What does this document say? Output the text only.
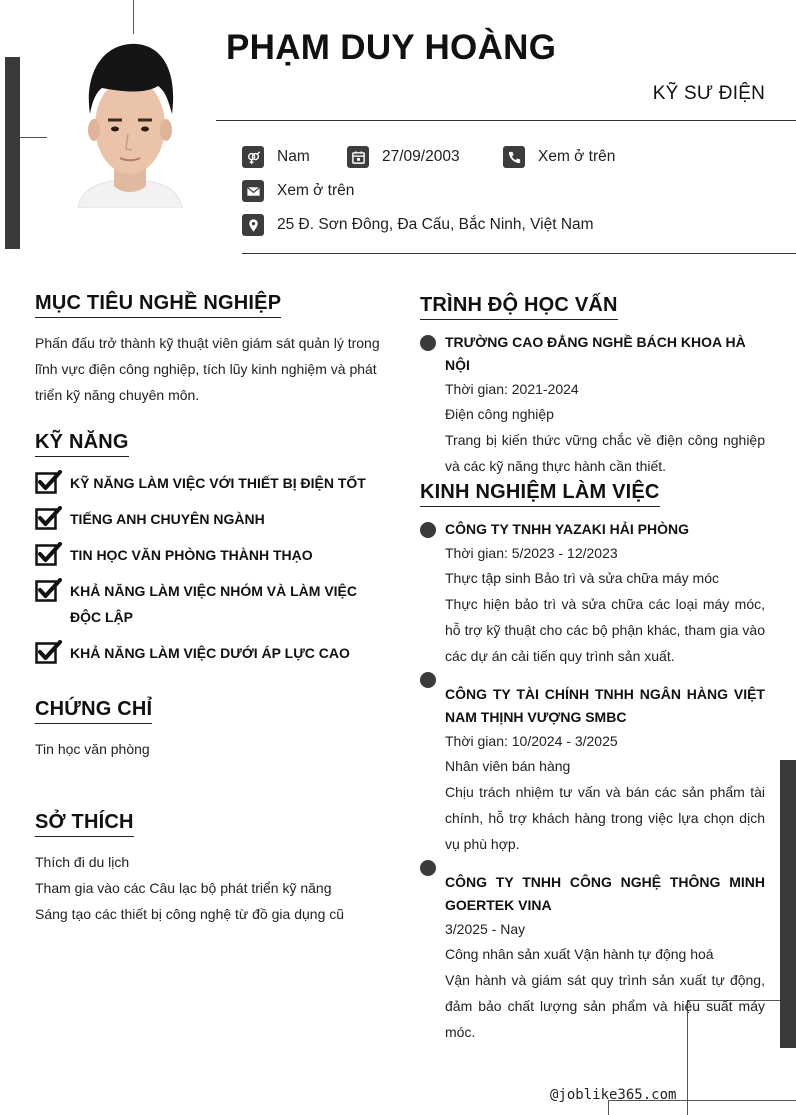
PHẠM DUY HOÀNG
KỸ SƯ ĐIỆN
Nam	27/09/2003	Xem ở trên
Xem ở trên
25 Đ. Sơn Đông, Đa Cấu, Bắc Ninh, Việt Nam
MỤC TIÊU NGHỀ NGHIỆP
Phấn đấu trở thành kỹ thuật viên giám sát quản lý trong lĩnh vực điện công nghiệp, tích lũy kinh nghiệm và phát triển kỹ năng chuyên môn.
KỸ NĂNG
KỸ NĂNG LÀM VIỆC VỚI THIẾT BỊ ĐIỆN TỐT
TIẾNG ANH CHUYÊN NGÀNH
TIN HỌC VĂN PHÒNG THÀNH THẠO
KHẢ NĂNG LÀM VIỆC NHÓM VÀ LÀM VIỆC ĐỘC LẬP
KHẢ NĂNG LÀM VIỆC DƯỚI ÁP LỰC CAO
CHỨNG CHỈ
Tin học văn phòng
SỞ THÍCH
Thích đi du lịch
Tham gia vào các Câu lạc bộ phát triển kỹ năng
Sáng tạo các thiết bị công nghệ từ đồ gia dụng cũ
TRÌNH ĐỘ HỌC VẤN
TRƯỜNG CAO ĐẲNG NGHỀ BÁCH KHOA HÀ NỘI
Thời gian: 2021-2024
Điện công nghiệp
Trang bị kiến thức vững chắc về điện công nghiệp và các kỹ năng thực hành cần thiết.
KINH NGHIỆM LÀM VIỆC
CÔNG TY TNHH YAZAKI HẢI PHÒNG
Thời gian: 5/2023 - 12/2023
Thực tập sinh Bảo trì và sửa chữa máy móc
Thực hiện bảo trì và sửa chữa các loại máy móc, hỗ trợ kỹ thuật cho các bộ phận khác, tham gia vào các dự án cải tiến quy trình sản xuất.
CÔNG TY TÀI CHÍNH TNHH NGÂN HÀNG VIỆT NAM THỊNH VƯỢNG SMBC
Thời gian: 10/2024 - 3/2025
Nhân viên bán hàng
Chịu trách nhiệm tư vấn và bán các sản phẩm tài chính, hỗ trợ khách hàng trong việc lựa chọn dịch vụ phù hợp.
CÔNG TY TNHH CÔNG NGHỆ THÔNG MINH GOERTEK VINA
3/2025 - Nay
Công nhân sản xuất Vận hành tự động hoá
Vận hành và giám sát quy trình sản xuất tự động, đảm bảo chất lượng sản phẩm và hiệu suất máy móc.
@joblike365.com
